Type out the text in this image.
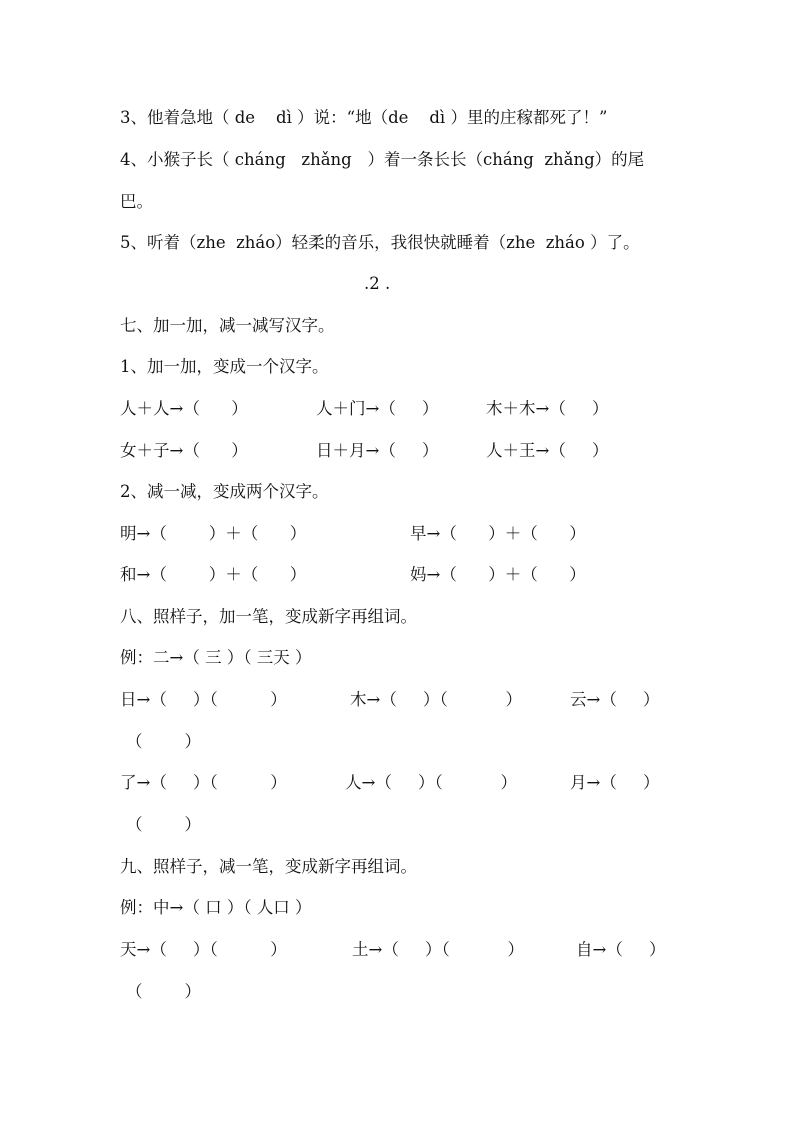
3、他着急地（ de    dì ）说：“地（de    dì ）里的庄稼都死了！”
4、小猴子长（ cháng   zhǎng   ）着一条长长（cháng  zhǎng）的尾
巴。
5、听着（zhe  zháo）轻柔的音乐，我很快就睡着（zhe  zháo ）了。
.2 .
七、加一加，减一减写汉字。
1、加一加，变成一个汉字。
人＋人→（      ）	人＋门→（     ）	木＋木→（     ）
女＋子→（      ）	日＋月→（     ）	人＋王→（     ）
2、减一减，变成两个汉字。
明→（        ）＋（      ）	早→（      ）＋（      ）
和→（        ）＋（      ）	妈→（      ）＋（      ）
八、照样子，加一笔，变成新字再组词。
例：二→（ 三 ）（ 三天 ）
日→（     ）（          ）	木→（     ）（           ）	云→（     ）
（        ）
了→（     ）（          ）	人→（     ）（           ）	月→（     ）
（        ）
九、照样子，减一笔，变成新字再组词。
例：中→（ 口 ）（ 人口 ）
天→（     ）（          ）	土→（     ）（           ）	自→（     ）
（        ）
